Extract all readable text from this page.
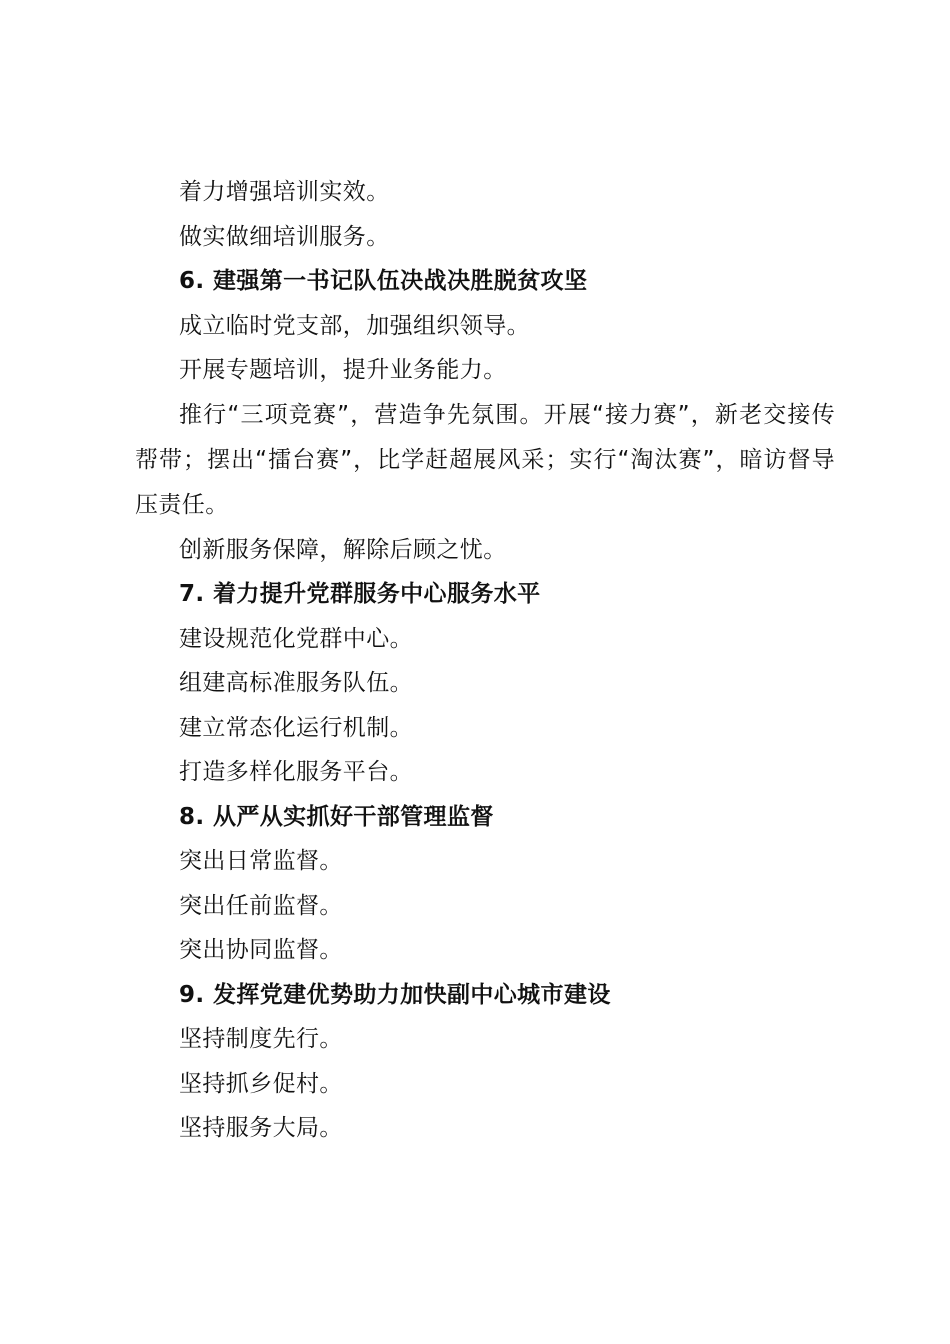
着力增强培训实效。
做实做细培训服务。
6. 建强第一书记队伍决战决胜脱贫攻坚
成立临时党支部，加强组织领导。
开展专题培训，提升业务能力。
推行“三项竞赛”，营造争先氛围。开展“接力赛”，新老交接传帮带；摆出“擂台赛”，比学赶超展风采；实行“淘汰赛”，暗访督导压责任。
创新服务保障，解除后顾之忧。
7. 着力提升党群服务中心服务水平
建设规范化党群中心。
组建高标准服务队伍。
建立常态化运行机制。
打造多样化服务平台。
8. 从严从实抓好干部管理监督
突出日常监督。
突出任前监督。
突出协同监督。
9. 发挥党建优势助力加快副中心城市建设
坚持制度先行。
坚持抓乡促村。
坚持服务大局。
